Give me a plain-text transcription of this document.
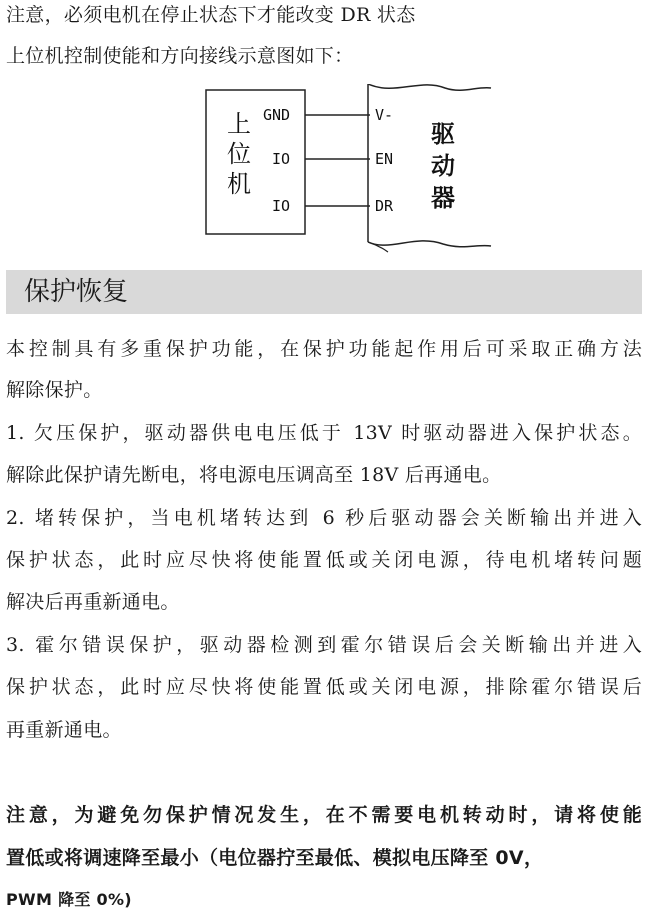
注意，必须电机在停止状态下才能改变 DR 状态
上位机控制使能和方向接线示意图如下：
上
位
机
GND
IO
IO
V-
EN
DR
驱
动
器
保护恢复
本控制具有多重保护功能，在保护功能起作用后可采取正确方法
解除保护。
1. 欠压保护，驱动器供电电压低于 13V 时驱动器进入保护状态。
解除此保护请先断电，将电源电压调高至 18V 后再通电。
2. 堵转保护，当电机堵转达到 6 秒后驱动器会关断输出并进入
保护状态，此时应尽快将使能置低或关闭电源，待电机堵转问题
解决后再重新通电。
3. 霍尔错误保护，驱动器检测到霍尔错误后会关断输出并进入
保护状态，此时应尽快将使能置低或关闭电源，排除霍尔错误后
再重新通电。
注意，为避免勿保护情况发生，在不需要电机转动时，请将使能
置低或将调速降至最小（电位器拧至最低、模拟电压降至 0V，
PWM 降至 0%)
